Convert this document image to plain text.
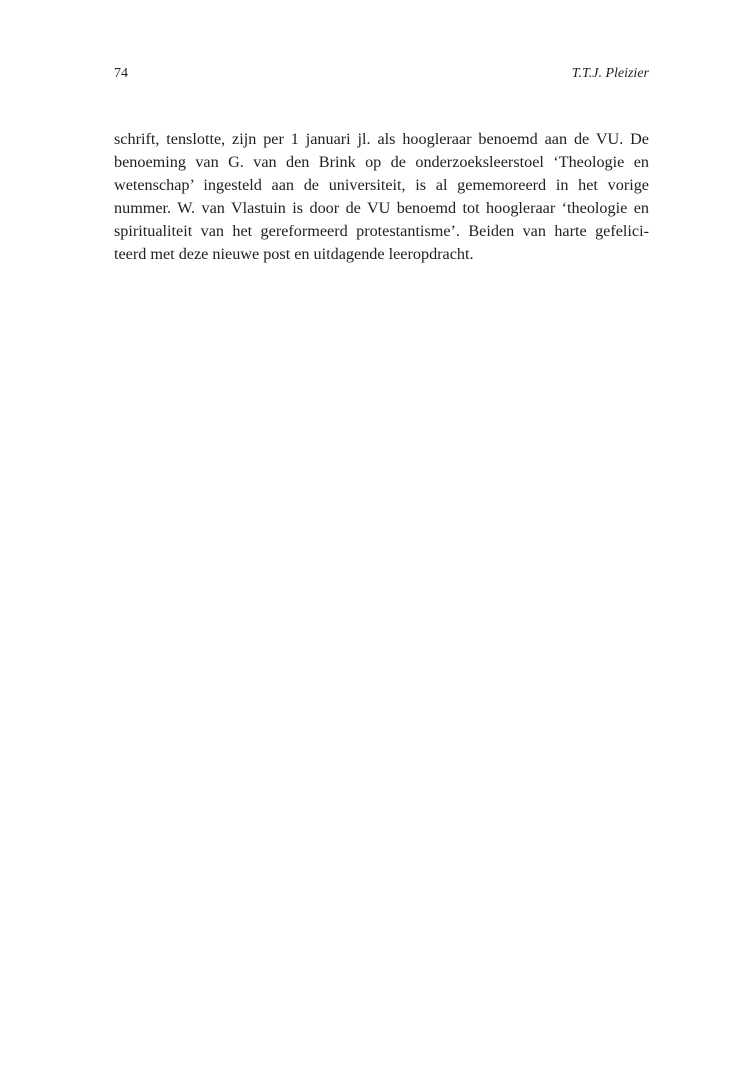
74	T.T.J. Pleizier
schrift, tenslotte, zijn per 1 januari jl. als hoogleraar benoemd aan de VU. De
benoeming van G. van den Brink op de onderzoeksleerstoel ‘Theologie en
wetenschap’ ingesteld aan de universiteit, is al gememoreerd in het vorige
nummer. W. van Vlastuin is door de VU benoemd tot hoogleraar ‘theologie en
spiritualiteit van het gereformeerd protestantisme’. Beiden van harte gefelici-
teerd met deze nieuwe post en uitdagende leeropdracht.
